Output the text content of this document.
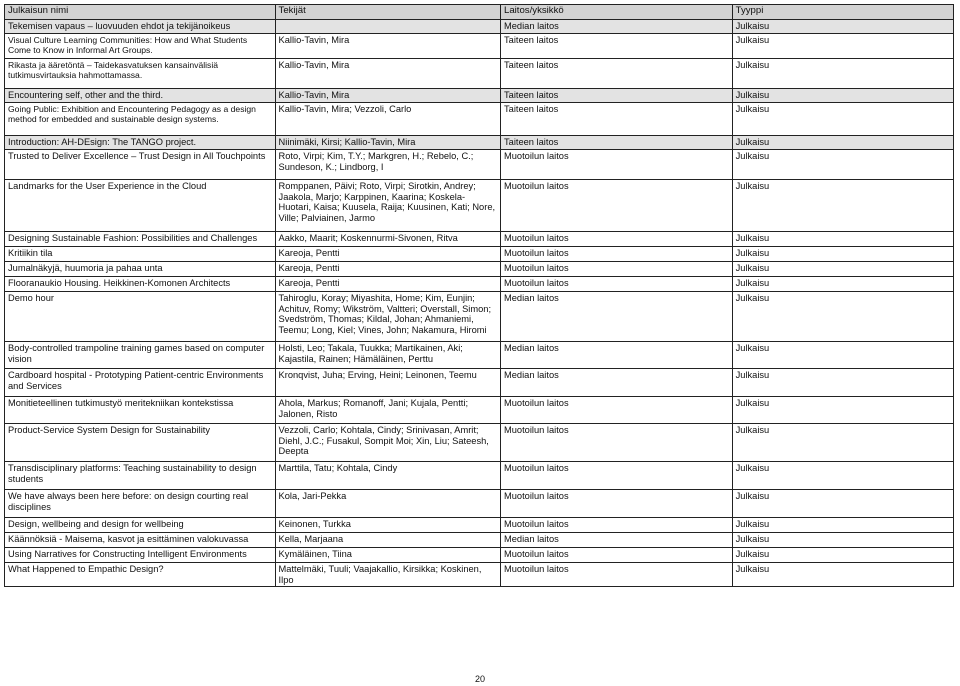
Julkaisun nimi	Tekijät	Laitos/yksikkö	Tyyppi
Tekemisen vapaus – luovuuden ehdot ja tekijänoikeus		Median laitos	Julkaisu
Visual Culture Learning Communities: How and What Students Come to Know in Informal Art Groups.	Kallio-Tavin, Mira	Taiteen laitos	Julkaisu
Rikasta ja ääretöntä – Taidekasvatuksen kansainvälisiä tutkimusvirtauksia hahmottamassa.	Kallio-Tavin, Mira	Taiteen laitos	Julkaisu
Encountering self, other and the third.	Kallio-Tavin, Mira	Taiteen laitos	Julkaisu
Going Public: Exhibition and Encountering Pedagogy as a design method for embedded and sustainable design systems.	Kallio-Tavin, Mira; Vezzoli, Carlo	Taiteen laitos	Julkaisu
Introduction: AH-DEsign: The TANGO project.	Niinimäki, Kirsi; Kallio-Tavin, Mira	Taiteen laitos	Julkaisu
Trusted to Deliver Excellence – Trust Design in All Touchpoints	Roto, Virpi; Kim, T.Y.; Markgren, H.; Rebelo, C.; Sundeson, K.; Lindborg, I	Muotoilun laitos	Julkaisu
Landmarks for the User Experience in the Cloud	Romppanen, Päivi; Roto, Virpi; Sirotkin, Andrey; Jaakola, Marjo; Karppinen, Kaarina; Koskela-Huotari, Kaisa; Kuusela, Raija; Kuusinen, Kati; Nore, Ville; Palviainen, Jarmo	Muotoilun laitos	Julkaisu
Designing Sustainable Fashion: Possibilities and Challenges	Aakko, Maarit; Koskennurmi-Sivonen, Ritva	Muotoilun laitos	Julkaisu
Kritiikin tila	Kareoja, Pentti	Muotoilun laitos	Julkaisu
Jumalnäkyjä, huumoria ja pahaa unta	Kareoja, Pentti	Muotoilun laitos	Julkaisu
Flooranaukio Housing. Heikkinen-Komonen Architects	Kareoja, Pentti	Muotoilun laitos	Julkaisu
Demo hour	Tahiroglu, Koray; Miyashita, Home; Kim, Eunjin; Achituv, Romy; Wikström, Valtteri; Overstall, Simon; Svedström, Thomas; Kildal, Johan; Ahmaniemi, Teemu; Long, Kiel; Vines, John; Nakamura, Hiromi	Median laitos	Julkaisu
Body-controlled trampoline training games based on computer vision	Holsti, Leo; Takala, Tuukka; Martikainen, Aki; Kajastila, Rainen; Hämäläinen, Perttu	Median laitos	Julkaisu
Cardboard hospital - Prototyping Patient-centric Environments and Services	Kronqvist, Juha; Erving, Heini; Leinonen, Teemu	Median laitos	Julkaisu
Monitieteellinen tutkimustyö meritekniikan kontekstissa	Ahola, Markus; Romanoff, Jani; Kujala, Pentti; Jalonen, Risto	Muotoilun laitos	Julkaisu
Product-Service System Design for Sustainability	Vezzoli, Carlo; Kohtala, Cindy; Srinivasan, Amrit; Diehl, J.C.; Fusakul, Sompit Moi; Xin, Liu; Sateesh, Deepta	Muotoilun laitos	Julkaisu
Transdisciplinary platforms: Teaching sustainability to design students	Marttila, Tatu; Kohtala, Cindy	Muotoilun laitos	Julkaisu
We have always been here before: on design courting real disciplines	Kola, Jari-Pekka	Muotoilun laitos	Julkaisu
Design, wellbeing and design for wellbeing	Keinonen, Turkka	Muotoilun laitos	Julkaisu
Käännöksiä - Maisema, kasvot ja esittäminen valokuvassa	Kella, Marjaana	Median laitos	Julkaisu
Using Narratives for Constructing Intelligent Environments	Kymäläinen, Tiina	Muotoilun laitos	Julkaisu
What Happened to Empathic Design?	Mattelmäki, Tuuli; Vaajakallio, Kirsikka; Koskinen, Ilpo	Muotoilun laitos	Julkaisu
20
